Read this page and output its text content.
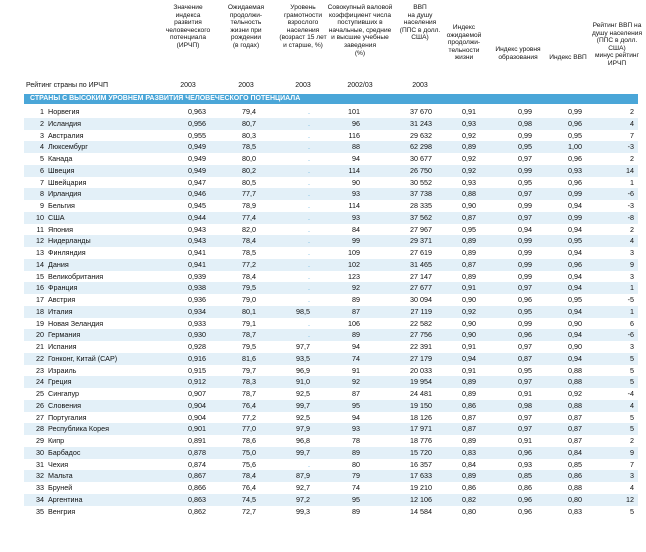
Значение
индекса
развития
человеческого
потенциала
(ИРЧП)
Ожидаемая
продолжи-
тельность
жизни при
рождении
(в годах)
Уровень
грамотности
взрослого
населения
(возраст 15 лет
и старше, %)
Совокупный валовой
коэффициент числа
поступивших в
начальные, средние
и высшие учебные
заведения
(%)
ВВП
на душу
населения
(ППС в долл.
США)
Индекс
ожидаемой
продолжи-
тельности
жизни
Индекс уровня
образования	Индекс ВВП
Рейтинг ВВП на
душу населения
(ППС в долл.
США)
минус рейтинг
ИРЧП
Рейтинг страны по ИРЧП	2003	2003	2003	2002/03	2003
СТРАНЫ С ВЫСОКИМ УРОВНЕМ РАЗВИТИЯ ЧЕЛОВЕЧЕСКОГО ПОТЕНЦИАЛА
1 Норвегия	0,963	79,4	.	101	37 670	0,91	0,99	0,99	2
2 Исландия	0,956	80,7	.	96	31 243	0,93	0,98	0,96	4
3 Австралия	0,955	80,3	.	116	29 632	0,92	0,99	0,95	7
4 Люксембург	0,949	78,5	.	88	62 298	0,89	0,95	1,00	-3
5 Канада	0,949	80,0	.	94	30 677	0,92	0,97	0,96	2
6 Швеция	0,949	80,2	.	114	26 750	0,92	0,99	0,93	14
7 Швейцария	0,947	80,5	.	90	30 552	0,93	0,95	0,96	1
8 Ирландия	0,946	77,7	.	93	37 738	0,88	0,97	0,99	-6
9 Бельгия	0,945	78,9	.	114	28 335	0,90	0,99	0,94	-3
10 США	0,944	77,4	.	93	37 562	0,87	0,97	0,99	-8
11 Япония	0,943	82,0	.	84	27 967	0,95	0,94	0,94	2
12 Нидерланды	0,943	78,4	.	99	29 371	0,89	0,99	0,95	4
13 Финляндия	0,941	78,5	.	109	27 619	0,89	0,99	0,94	3
14 Дания	0,941	77,2	.	102	31 465	0,87	0,99	0,96	9
15 Великобритания	0,939	78,4	.	123	27 147	0,89	0,99	0,94	3
16 Франция	0,938	79,5	.	92	27 677	0,91	0,97	0,94	1
17 Австрия	0,936	79,0	.	89	30 094	0,90	0,96	0,95	-5
18 Италия	0,934	80,1	98,5	87	27 119	0,92	0,95	0,94	1
19 Новая Зеландия	0,933	79,1	.	106	22 582	0,90	0,99	0,90	6
20 Германия	0,930	78,7	.	89	27 756	0,90	0,96	0,94	-6
21 Испания	0,928	79,5	97,7	94	22 391	0,91	0,97	0,90	3
22 Гонконг, Китай (САР)	0,916	81,6	93,5	74	27 179	0,94	0,87	0,94	5
23 Израиль	0,915	79,7	96,9	91	20 033	0,91	0,95	0,88	5
24 Греция	0,912	78,3	91,0	92	19 954	0,89	0,97	0,88	5
25 Сингапур	0,907	78,7	92,5	87	24 481	0,89	0,91	0,92	-4
26 Словения	0,904	76,4	99,7	95	19 150	0,86	0,98	0,88	4
27 Португалия	0,904	77,2	92,5	94	18 126	0,87	0,97	0,87	5
28 Республика Корея	0,901	77,0	97,9	93	17 971	0,87	0,97	0,87	5
29 Кипр	0,891	78,6	96,8	78	18 776	0,89	0,91	0,87	2
30 Барбадос	0,878	75,0	99,7	89	15 720	0,83	0,96	0,84	9
31 Чехия	0,874	75,6	.	80	16 357	0,84	0,93	0,85	7
32 Мальта	0,867	78,4	87,9	79	17 633	0,89	0,85	0,86	3
33 Бруней	0,866	76,4	92,7	74	19 210	0,86	0,86	0,88	4
34 Аргентина	0,863	74,5	97,2	95	12 106	0,82	0,96	0,80	12
35 Венгрия	0,862	72,7	99,3	89	14 584	0,80	0,96	0,83	5
